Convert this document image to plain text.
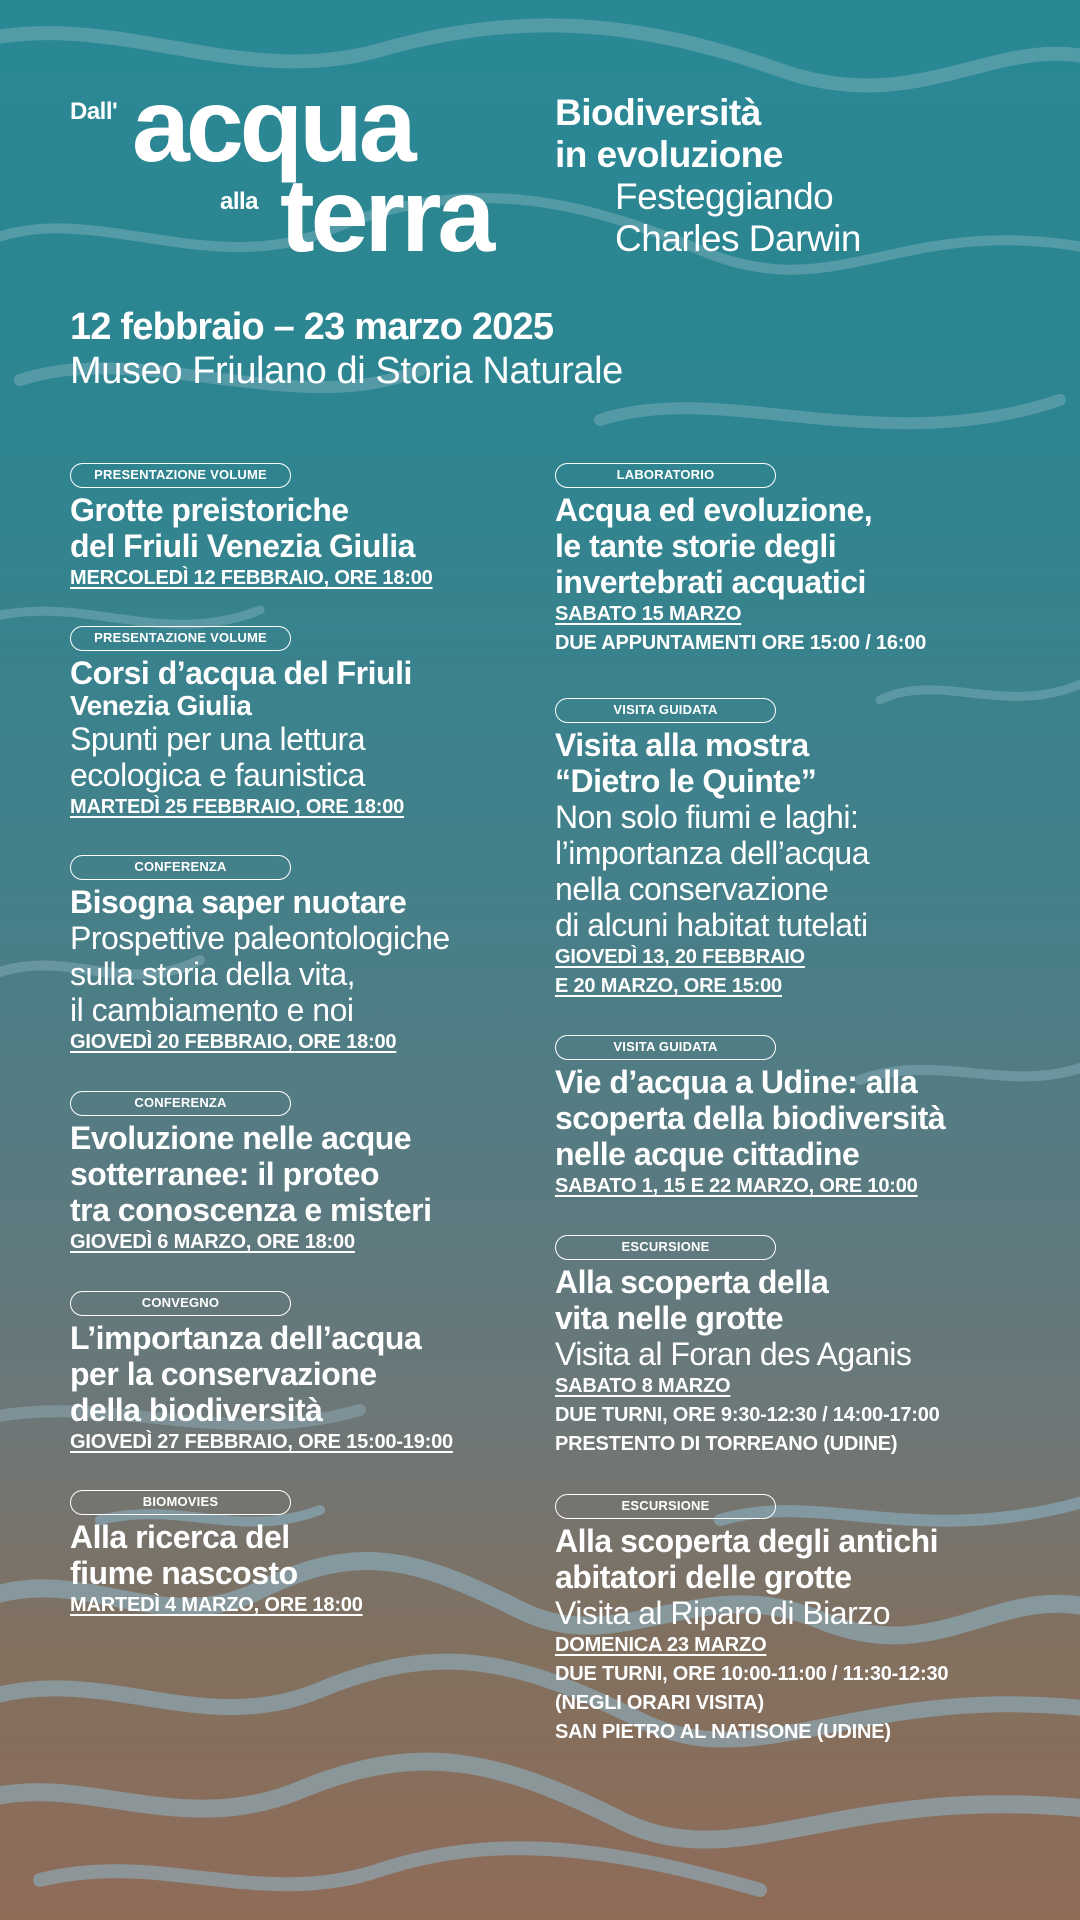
Dall' acqua
alla terra
Biodiversità
in evoluzione
Festeggiando
Charles Darwin
12 febbraio – 23 marzo 2025
Museo Friulano di Storia Naturale
PRESENTAZIONE VOLUME
Grotte preistoriche
del Friuli Venezia Giulia
MERCOLEDÌ 12 FEBBRAIO, ORE 18:00
PRESENTAZIONE VOLUME
Corsi d’acqua del Friuli
Venezia Giulia
Spunti per una lettura
ecologica e faunistica
MARTEDÌ 25 FEBBRAIO, ORE 18:00
CONFERENZA
Bisogna saper nuotare
Prospettive paleontologiche
sulla storia della vita,
il cambiamento e noi
GIOVEDÌ 20 FEBBRAIO, ORE 18:00
CONFERENZA
Evoluzione nelle acque
sotterranee: il proteo
tra conoscenza e misteri
GIOVEDÌ 6 MARZO, ORE 18:00
CONVEGNO
L’importanza dell’acqua
per la conservazione
della biodiversità
GIOVEDÌ 27 FEBBRAIO, ORE 15:00-19:00
BIOMOVIES
Alla ricerca del
fiume nascosto
MARTEDÌ 4 MARZO, ORE 18:00
LABORATORIO
Acqua ed evoluzione,
le tante storie degli
invertebrati acquatici
SABATO 15 MARZO
DUE APPUNTAMENTI ORE 15:00 / 16:00
VISITA GUIDATA
Visita alla mostra
“Dietro le Quinte”
Non solo fiumi e laghi:
l’importanza dell’acqua
nella conservazione
di alcuni habitat tutelati
GIOVEDÌ 13, 20 FEBBRAIO
E 20 MARZO, ORE 15:00
VISITA GUIDATA
Vie d’acqua a Udine: alla
scoperta della biodiversità
nelle acque cittadine
SABATO 1, 15 E 22 MARZO, ORE 10:00
ESCURSIONE
Alla scoperta della
vita nelle grotte
Visita al Foran des Aganis
SABATO 8 MARZO
DUE TURNI, ORE 9:30-12:30 / 14:00-17:00
PRESTENTO DI TORREANO (UDINE)
ESCURSIONE
Alla scoperta degli antichi
abitatori delle grotte
Visita al Riparo di Biarzo
DOMENICA 23 MARZO
DUE TURNI, ORE 10:00-11:00 / 11:30-12:30
(NEGLI ORARI VISITA)
SAN PIETRO AL NATISONE (UDINE)
